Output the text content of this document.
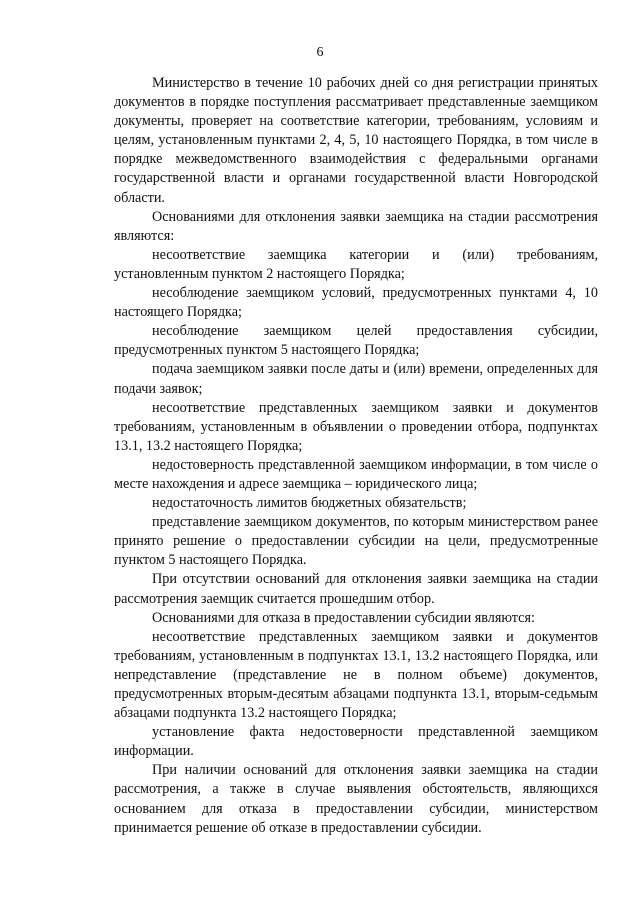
6

Министерство в течение 10 рабочих дней со дня регистрации принятых документов в порядке поступления рассматривает представленные заемщиком документы, проверяет на соответствие категории, требованиям, условиям и целям, установленным пунктами 2, 4, 5, 10 настоящего Порядка, в том числе в порядке межведомственного взаимодействия с федеральными органами государственной власти и органами государственной власти Новгородской области.

Основаниями для отклонения заявки заемщика на стадии рассмотрения являются:

несоответствие заемщика категории и (или) требованиям, установленным пунктом 2 настоящего Порядка;

несоблюдение заемщиком условий, предусмотренных пунктами 4, 10 настоящего Порядка;

несоблюдение заемщиком целей предоставления субсидии, предусмотренных пунктом 5 настоящего Порядка;

подача заемщиком заявки после даты и (или) времени, определенных для подачи заявок;

несоответствие представленных заемщиком заявки и документов требованиям, установленным в объявлении о проведении отбора, подпунктах 13.1, 13.2 настоящего Порядка;

недостоверность представленной заемщиком информации, в том числе о месте нахождения и адресе заемщика – юридического лица;

недостаточность лимитов бюджетных обязательств;

представление заемщиком документов, по которым министерством ранее принято решение о предоставлении субсидии на цели, предусмотренные пунктом 5 настоящего Порядка.

При отсутствии оснований для отклонения заявки заемщика на стадии рассмотрения заемщик считается прошедшим отбор.

Основаниями для отказа в предоставлении субсидии являются:

несоответствие представленных заемщиком заявки и документов требованиям, установленным в подпунктах 13.1, 13.2 настоящего Порядка, или непредставление (представление не в полном объеме) документов, предусмотренных вторым-десятым абзацами подпункта 13.1, вторым-седьмым абзацами подпункта 13.2 настоящего Порядка;

установление факта недостоверности представленной заемщиком информации.

При наличии оснований для отклонения заявки заемщика на стадии рассмотрения, а также в случае выявления обстоятельств, являющихся основанием для отказа в предоставлении субсидии, министерством принимается решение об отказе в предоставлении субсидии.
